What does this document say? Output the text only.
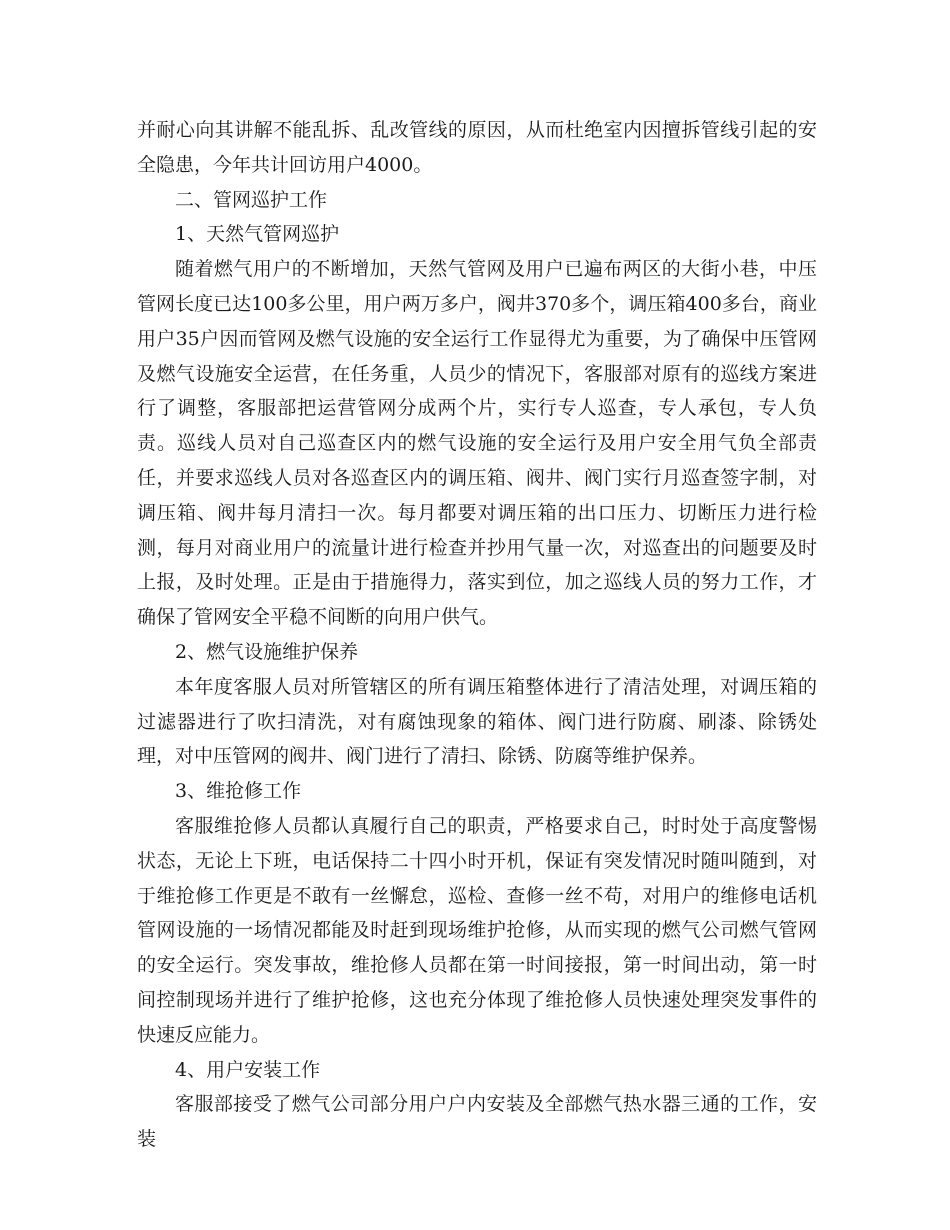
并耐心向其讲解不能乱拆、乱改管线的原因，从而杜绝室内因擅拆管线引起的安全隐患，今年共计回访用户4000。

二、管网巡护工作

1、天然气管网巡护

随着燃气用户的不断增加，天然气管网及用户已遍布两区的大街小巷，中压管网长度已达100多公里，用户两万多户，阀井370多个，调压箱400多台，商业用户35户因而管网及燃气设施的安全运行工作显得尤为重要，为了确保中压管网及燃气设施安全运营，在任务重，人员少的情况下，客服部对原有的巡线方案进行了调整，客服部把运营管网分成两个片，实行专人巡查，专人承包，专人负责。巡线人员对自己巡查区内的燃气设施的安全运行及用户安全用气负全部责任，并要求巡线人员对各巡查区内的调压箱、阀井、阀门实行月巡查签字制，对调压箱、阀井每月清扫一次。每月都要对调压箱的出口压力、切断压力进行检测，每月对商业用户的流量计进行检查并抄用气量一次，对巡查出的问题要及时上报，及时处理。正是由于措施得力，落实到位，加之巡线人员的努力工作，才确保了管网安全平稳不间断的向用户供气。

2、燃气设施维护保养

本年度客服人员对所管辖区的所有调压箱整体进行了清洁处理，对调压箱的过滤器进行了吹扫清洗，对有腐蚀现象的箱体、阀门进行防腐、刷漆、除锈处理，对中压管网的阀井、阀门进行了清扫、除锈、防腐等维护保养。

3、维抢修工作

客服维抢修人员都认真履行自己的职责，严格要求自己，时时处于高度警惕状态，无论上下班，电话保持二十四小时开机，保证有突发情况时随叫随到，对于维抢修工作更是不敢有一丝懈怠，巡检、查修一丝不苟，对用户的维修电话机管网设施的一场情况都能及时赶到现场维护抢修，从而实现的燃气公司燃气管网的安全运行。突发事故，维抢修人员都在第一时间接报，第一时间出动，第一时间控制现场并进行了维护抢修，这也充分体现了维抢修人员快速处理突发事件的快速反应能力。

4、用户安装工作

客服部接受了燃气公司部分用户户内安装及全部燃气热水器三通的工作，安装
